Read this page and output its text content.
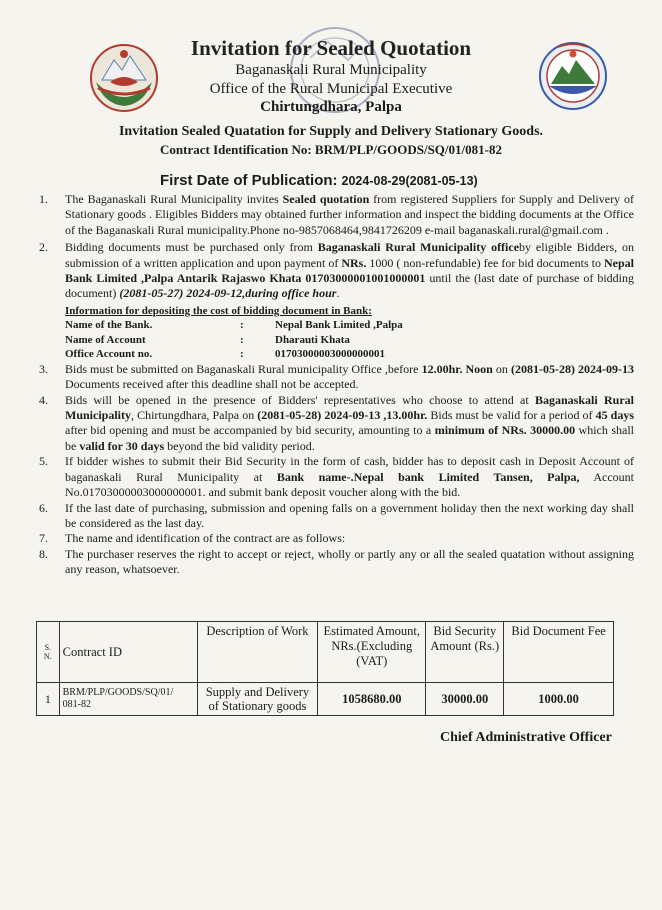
Invitation for Sealed Quotation
Baganaskali Rural Municipality
Office of the Rural Municipal Executive
Chirtungdhara, Palpa
Invitation Sealed Quatation for Supply and Delivery Stationary Goods.
Contract Identification No: BRM/PLP/GOODS/SQ/01/081-82
First Date of Publication: 2024-08-29(2081-05-13)
1. The Baganaskali Rural Municipality invites Sealed quotation from registered Suppliers for Supply and Delivery of Stationary goods . Eligibles Bidders may obtained further information and inspect the bidding documents at the Office of the Baganaskali Rural municipality.Phone no-9857068464,9841726209 e-mail baganaskali.rural@gmail.com .
2. Bidding documents must be purchased only from Baganaskali Rural Municipality officeby eligible Bidders, on submission of a written application and upon payment of NRs. 1000 ( non-refundable) fee for bid documents to Nepal Bank Limited ,Palpa Antarik Rajaswo Khata 01703000001001000001 until the (last date of purchase of bidding document) (2081-05-27) 2024-09-12,during office hour.
Information for depositing the cost of bidding document in Bank:
Name of the Bank.	:	Nepal Bank Limited ,Palpa
Name of Account	:	Dharauti Khata
Office Account no.	:	01703000003000000001
3. Bids must be submitted on Baganaskali Rural municipality Office ,before 12.00hr. Noon on (2081-05-28) 2024-09-13 Documents received after this deadline shall not be accepted.
4. Bids will be opened in the presence of Bidders' representatives who choose to attend at Baganaskali Rural Municipality, Chirtungdhara, Palpa on (2081-05-28) 2024-09-13 ,13.00hr. Bids must be valid for a period of 45 days after bid opening and must be accompanied by bid security, amounting to a minimum of NRs. 30000.00 which shall be valid for 30 days beyond the bid validity period.
5. If bidder wishes to submit their Bid Security in the form of cash, bidder has to deposit cash in Deposit Account of baganaskali Rural Municipality at Bank name-.Nepal bank Limited Tansen, Palpa, Account No.01703000003000000001. and submit bank deposit voucher along with the bid.
6. If the last date of purchasing, submission and opening falls on a government holiday then the next working day shall be considered as the last day.
7. The name and identification of the contract are as follows:
8. The purchaser reserves the right to accept or reject, wholly or partly any or all the sealed quatation without assigning any reason, whatsoever.
S. N.	Contract ID	Description of Work	Estimated Amount, NRs.(Excluding (VAT)	Bid Security Amount (Rs.)	Bid Document Fee
1	BRM/PLP/GOODS/SQ/01/ 081-82	Supply and Delivery of Stationary goods	1058680.00	30000.00	1000.00
Chief Administrative Officer
